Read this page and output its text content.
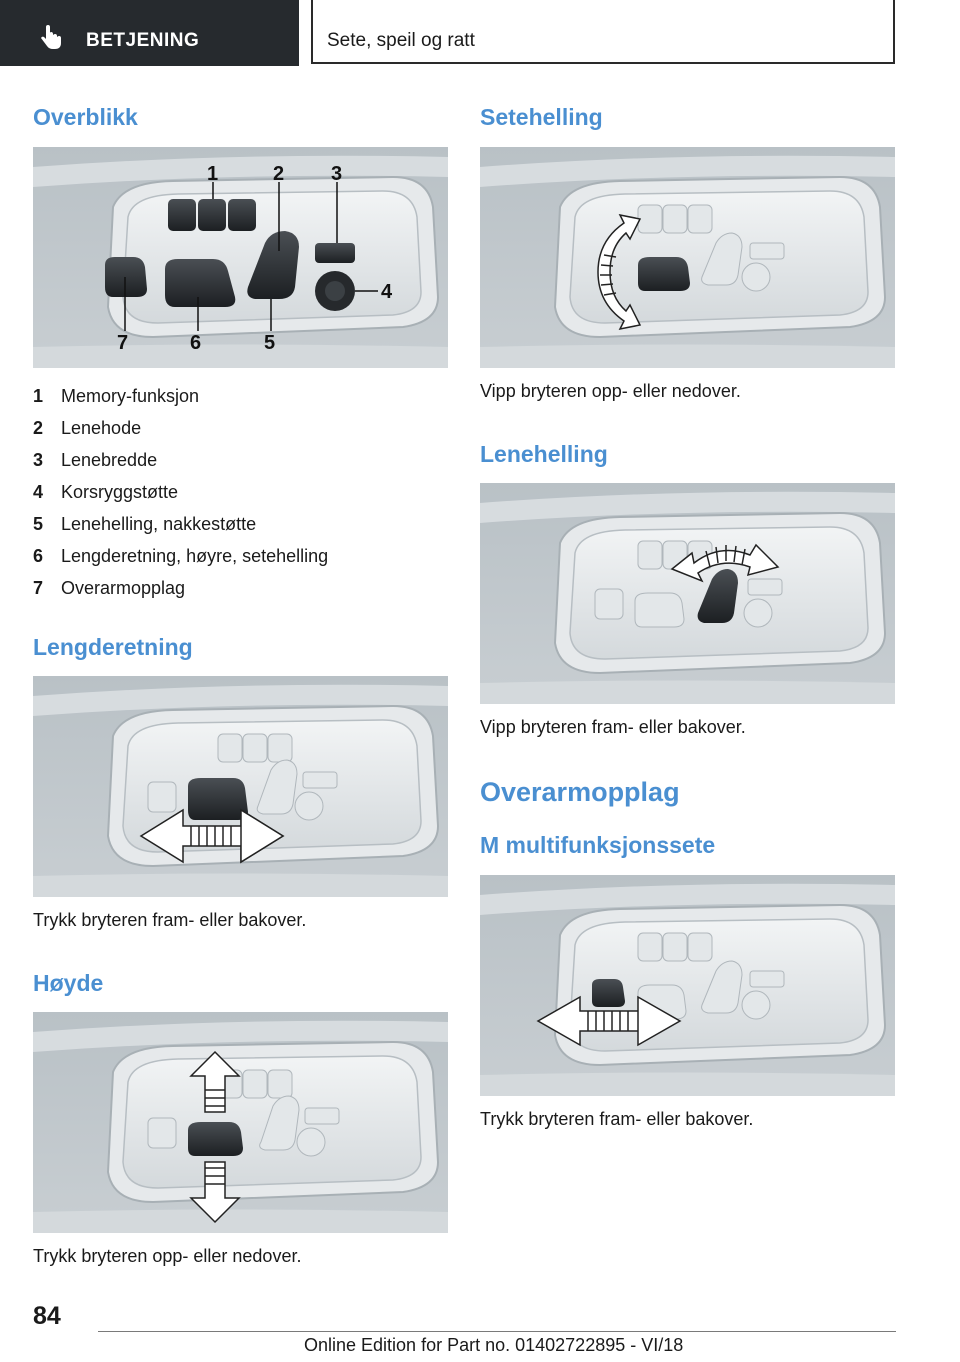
BETJENING	Sete, speil og ratt
Overblikk
1	2 3
4
5
6
7
1 Memory-funksjon
2 Lenehode
3 Lenebredde
4 Korsryggstøtte
5 Lenehelling, nakkestøtte
6 Lengderetning, høyre, setehelling
7 Overarmopplag
Lengderetning
Trykk bryteren fram- eller bakover.
Høyde
Trykk bryteren opp- eller nedover.
Setehelling
Vipp bryteren opp- eller nedover.
Lenehelling
Vipp bryteren fram- eller bakover.
Overarmopplag
M multifunksjonssete
Trykk bryteren fram- eller bakover.
84
Online Edition for Part no. 01402722895 - VI/18
